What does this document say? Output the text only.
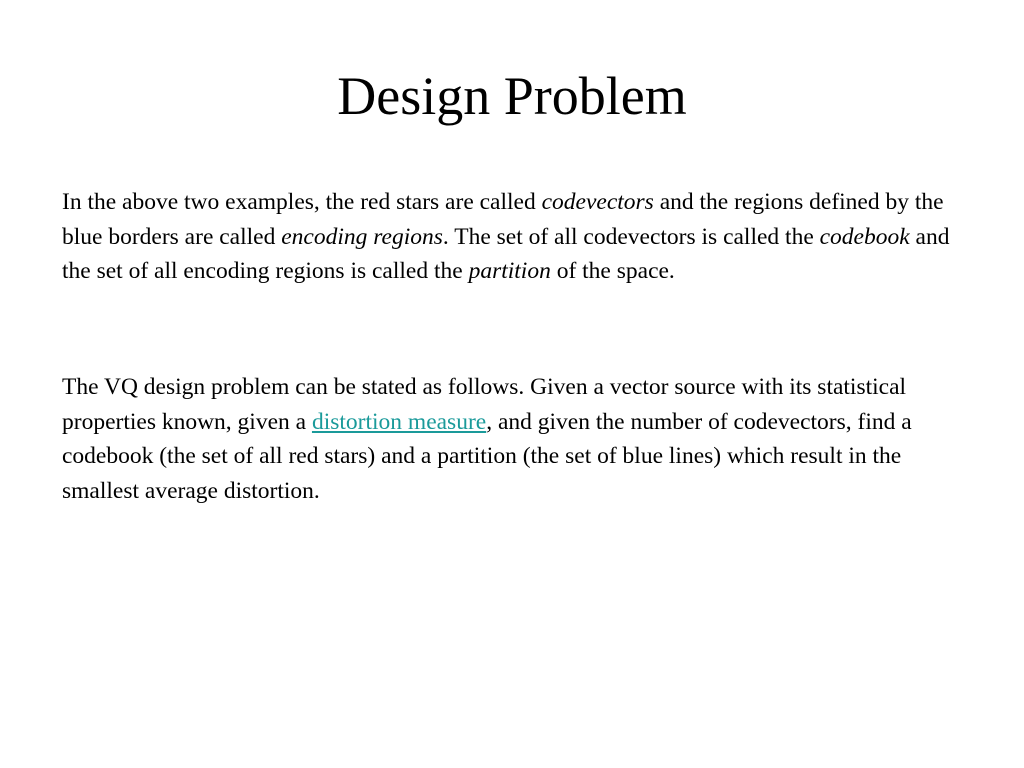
Design Problem

In the above two examples, the red stars are called codevectors and the regions defined by the blue borders are called encoding regions. The set of all codevectors is called the codebook and the set of all encoding regions is called the partition of the space.

The VQ design problem can be stated as follows. Given a vector source with its statistical properties known, given a distortion measure, and given the number of codevectors, find a codebook (the set of all red stars) and a partition (the set of blue lines) which result in the smallest average distortion.
